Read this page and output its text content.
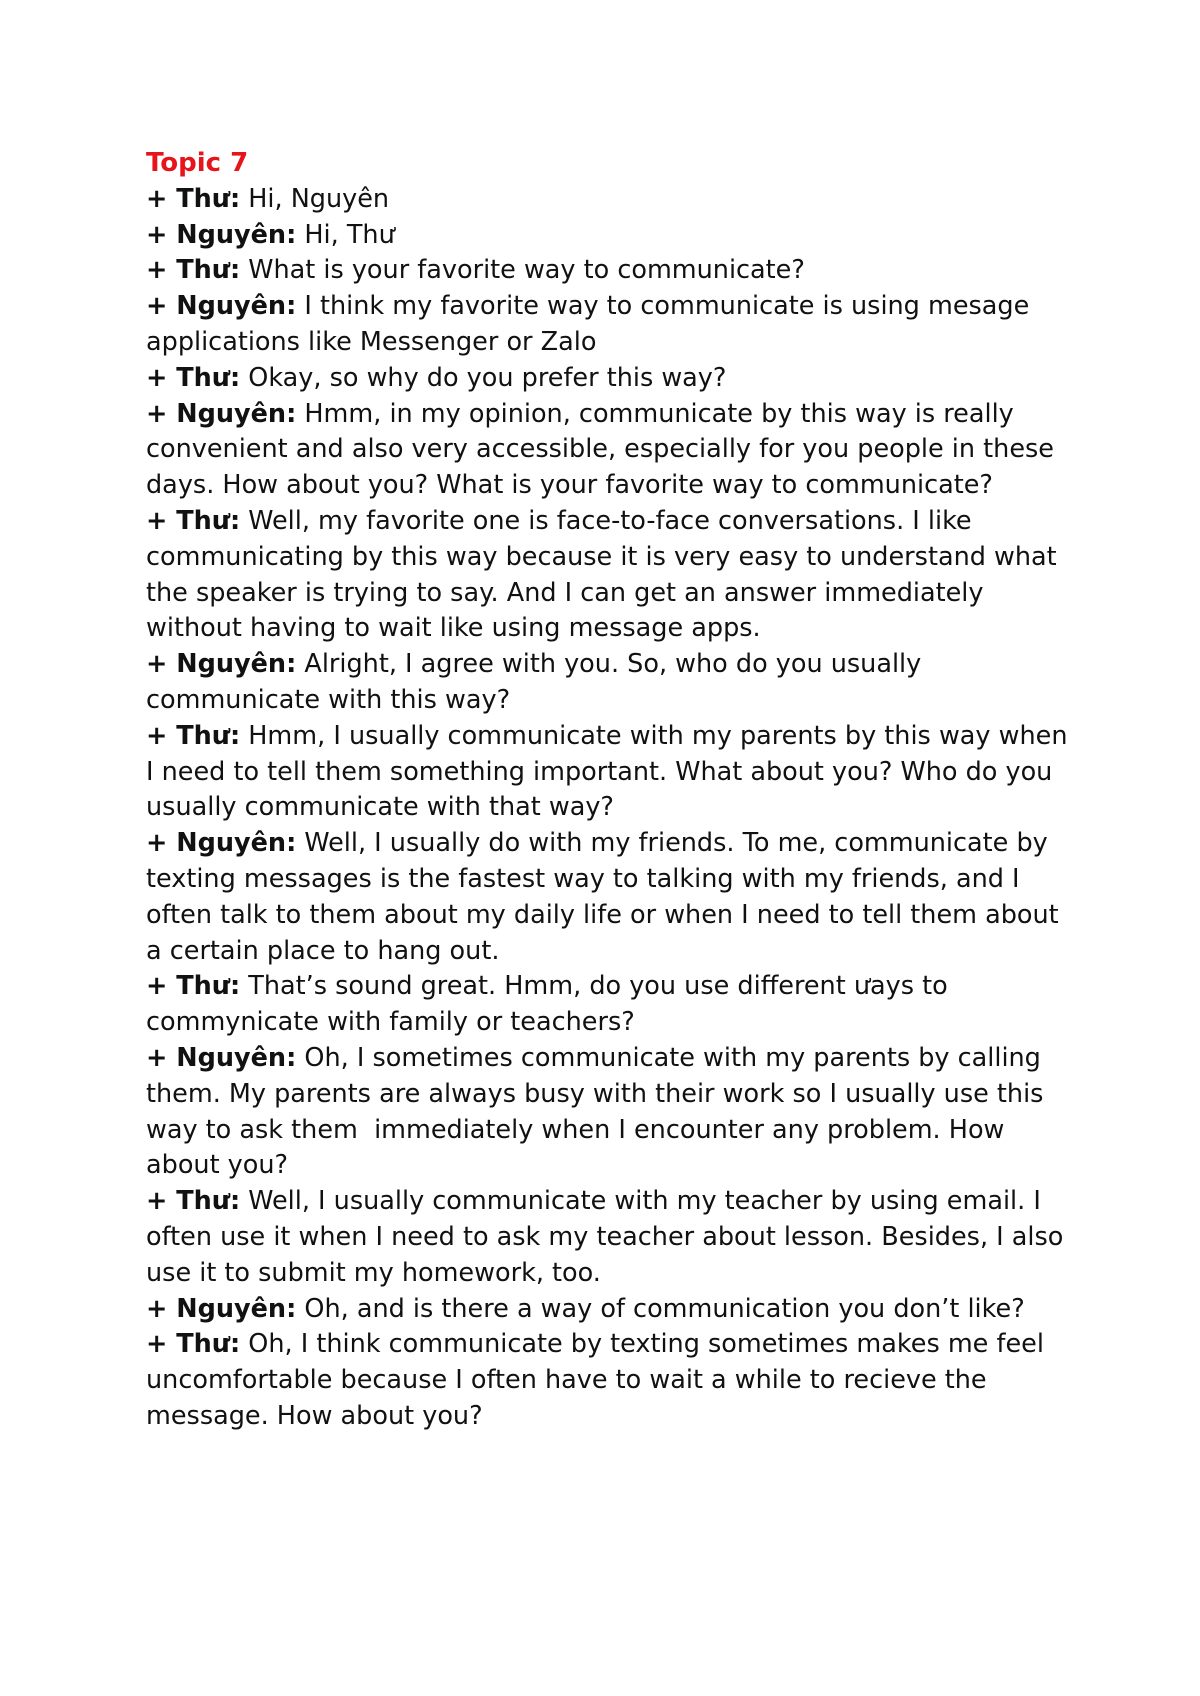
Topic 7

+ Thư: Hi, Nguyên

+ Nguyên: Hi, Thư

+ Thư: What is your favorite way to communicate?

+ Nguyên: I think my favorite way to communicate is using mesage applications like Messenger or Zalo

+ Thư: Okay, so why do you prefer this way?

+ Nguyên: Hmm, in my opinion, communicate by this way is really convenient and also very accessible, especially for you people in these days. How about you? What is your favorite way to communicate?

+ Thư: Well, my favorite one is face-to-face conversations. I like communicating by this way because it is very easy to understand what the speaker is trying to say. And I can get an answer immediately without having to wait like using message apps.

+ Nguyên: Alright, I agree with you. So, who do you usually communicate with this way?

+ Thư: Hmm, I usually communicate with my parents by this way when I need to tell them something important. What about you? Who do you usually communicate with that way?

+ Nguyên: Well, I usually do with my friends. To me, communicate by texting messages is the fastest way to talking with my friends, and I often talk to them about my daily life or when I need to tell them about a certain place to hang out.

+ Thư: That’s sound great. Hmm, do you use different ưays to commynicate with family or teachers?

+ Nguyên: Oh, I sometimes communicate with my parents by calling them. My parents are always busy with their work so I usually use this way to ask them  immediately when I encounter any problem. How about you?

+ Thư: Well, I usually communicate with my teacher by using email. I often use it when I need to ask my teacher about lesson. Besides, I also use it to submit my homework, too.

+ Nguyên: Oh, and is there a way of communication you don’t like?

+ Thư: Oh, I think communicate by texting sometimes makes me feel uncomfortable because I often have to wait a while to recieve the message. How about you?
